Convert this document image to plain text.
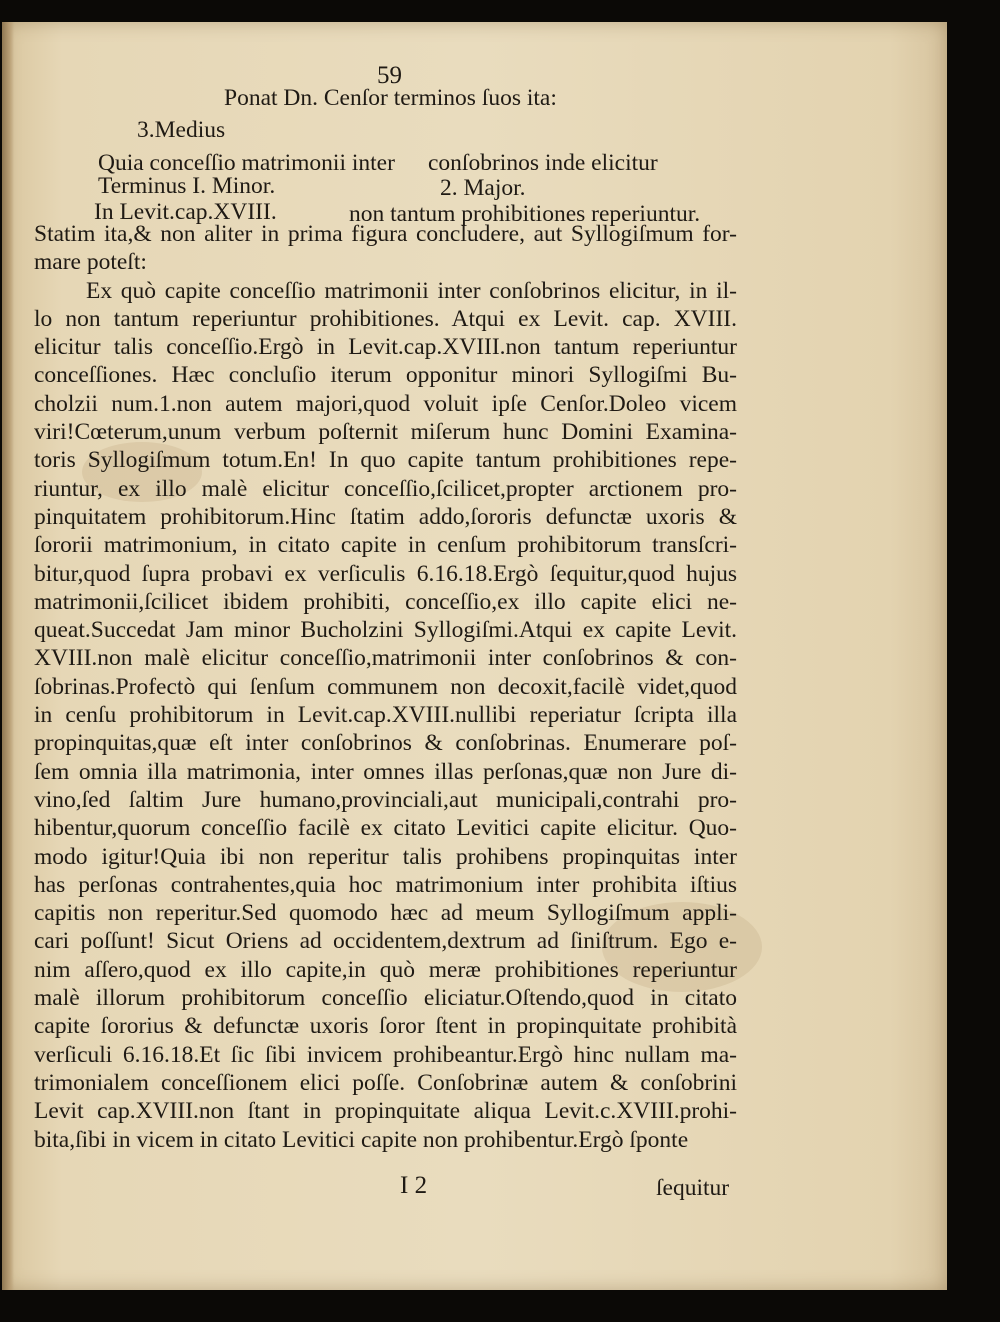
59
Ponat Dn. Cenſor terminos ſuos ita:
3.Medius
Quia conceſſio matrimonii inter conſobrinos inde elicitur
Terminus I. Minor.	2. Major.
In Levit.cap.XVIII.	non tantum prohibitiones reperiuntur.
Statim ita,& non aliter in prima figura concludere, aut Syllogiſmum for-
mare poteſt:
Ex quò capite conceſſio matrimonii inter conſobrinos elicitur, in il-
lo non tantum reperiuntur prohibitiones. Atqui ex Levit. cap. XVIII.
elicitur talis conceſſio.Ergò in Levit.cap.XVIII.non tantum reperiuntur
conceſſiones. Hæc concluſio iterum opponitur minori Syllogiſmi Bu-
cholzii num.1.non autem majori,quod voluit ipſe Cenſor.Doleo vicem
viri!Cœterum,unum verbum poſternit miſerum hunc Domini Examina-
toris Syllogiſmum totum.En! In quo capite tantum prohibitiones repe-
riuntur, ex illo malè elicitur conceſſio,ſcilicet,propter arctionem pro-
pinquitatem prohibitorum.Hinc ſtatim addo,ſororis defunctæ uxoris &
ſororii matrimonium, in citato capite in cenſum prohibitorum transſcri-
bitur,quod ſupra probavi ex verſiculis 6.16.18.Ergò ſequitur,quod hujus
matrimonii,ſcilicet ibidem prohibiti, conceſſio,ex illo capite elici ne-
queat.Succedat Jam minor Bucholzini Syllogiſmi.Atqui ex capite Levit.
XVIII.non malè elicitur conceſſio,matrimonii inter conſobrinos & con-
ſobrinas.Profectò qui ſenſum communem non decoxit,facilè videt,quod
in cenſu prohibitorum in Levit.cap.XVIII.nullibi reperiatur ſcripta illa
propinquitas,quæ eſt inter conſobrinos & conſobrinas. Enumerare poſ-
ſem omnia illa matrimonia, inter omnes illas perſonas,quæ non Jure di-
vino,ſed ſaltim Jure humano,provinciali,aut municipali,contrahi pro-
hibentur,quorum conceſſio facilè ex citato Levitici capite elicitur. Quo-
modo igitur!Quia ibi non reperitur talis prohibens propinquitas inter
has perſonas contrahentes,quia hoc matrimonium inter prohibita iſtius
capitis non reperitur.Sed quomodo hæc ad meum Syllogiſmum appli-
cari poſſunt! Sicut Oriens ad occidentem,dextrum ad ſiniſtrum. Ego e-
nim aſſero,quod ex illo capite,in quò meræ prohibitiones reperiuntur
malè illorum prohibitorum conceſſio eliciatur.Oſtendo,quod in citato
capite ſororius & defunctæ uxoris ſoror ſtent in propinquitate prohibità
verſiculi 6.16.18.Et ſic ſibi invicem prohibeantur.Ergò hinc nullam ma-
trimonialem conceſſionem elici poſſe. Conſobrinæ autem & conſobrini
Levit cap.XVIII.non ſtant in propinquitate aliqua Levit.c.XVIII.prohi-
bita,ſibi in vicem in citato Levitici capite non prohibentur.Ergò ſponte
I 2	ſequitur
